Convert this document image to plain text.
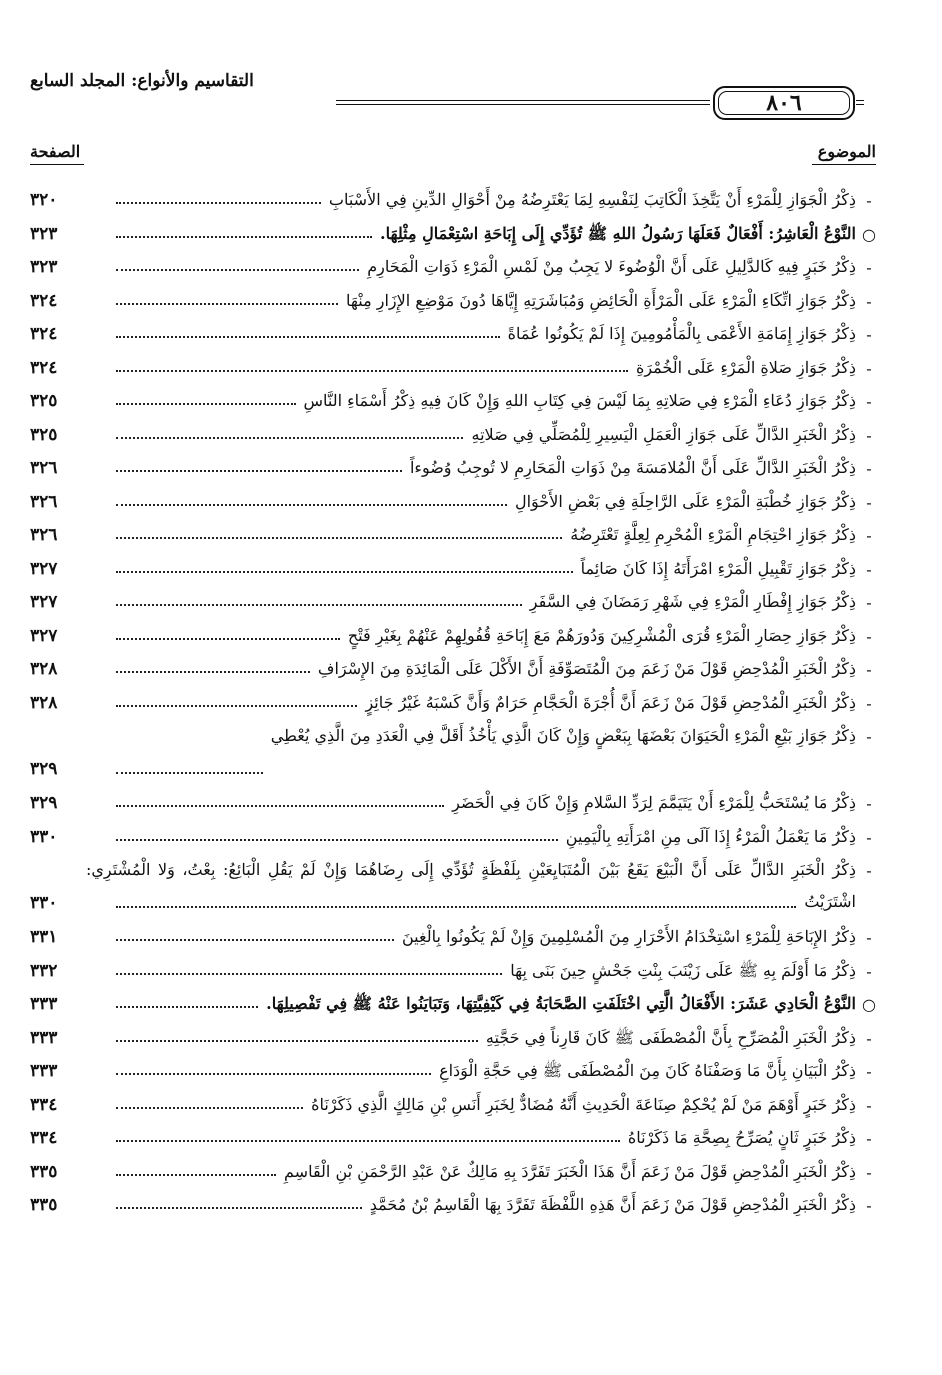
التقاسيم والأنواع: المجلد السابع
٨٠٦
الموضوع
الصفحة
-
ذِكْرُ الْجَوَازِ لِلْمَرْءِ أَنْ يَتَّخِذَ الْكَاتِبَ لِنَفْسِهِ لِمَا يَعْتَرِضُهُ مِنْ أَحْوَالِ الدِّينِ فِي الأَسْبَابِ
٣٢٠
○
النَّوْعُ الْعَاشِرُ: أَفْعَالٌ فَعَلَهَا رَسُولُ اللهِ ﷺ تُؤَدِّي إِلَى إِبَاحَةِ اسْتِعْمَالِ مِثْلِهَا.
٣٢٣
-
ذِكْرُ خَبَرٍ فِيهِ كَالدَّلِيلِ عَلَى أَنَّ الْوُضُوءَ لا يَجِبُ مِنْ لَمْسِ الْمَرْءِ ذَوَاتِ الْمَحَارِمِ
٣٢٣
-
ذِكْرُ جَوَازِ اتِّكَاءِ الْمَرْءِ عَلَى الْمَرْأَةِ الْحَائِضِ وَمُبَاشَرَتِهِ إِيَّاهَا دُونَ مَوْضِعِ الإِزَارِ مِنْهَا
٣٢٤
-
ذِكْرُ جَوَازِ إِمَامَةِ الأَعْمَى بِالْمَأْمُومِينَ إِذَا لَمْ يَكُونُوا عُمَاةً
٣٢٤
-
ذِكْرُ جَوَازِ صَلاةِ الْمَرْءِ عَلَى الْخُمْرَةِ
٣٢٤
-
ذِكْرُ جَوَازِ دُعَاءِ الْمَرْءِ فِي صَلاتِهِ بِمَا لَيْسَ فِي كِتَابِ اللهِ وَإِنْ كَانَ فِيهِ ذِكْرُ أَسْمَاءِ النَّاسِ
٣٢٥
-
ذِكْرُ الْخَبَرِ الدَّالِّ عَلَى جَوَازِ الْعَمَلِ الْيَسِيرِ لِلْمُصَلِّي فِي صَلاتِهِ
٣٢٥
-
ذِكْرُ الْخَبَرِ الدَّالِّ عَلَى أَنَّ الْمُلامَسَةَ مِنْ ذَوَاتِ الْمَحَارِمِ لا تُوجِبُ وُضُوءاً
٣٢٦
-
ذِكْرُ جَوَازِ خُطْبَةِ الْمَرْءِ عَلَى الرَّاحِلَةِ فِي بَعْضِ الأَحْوَالِ
٣٢٦
-
ذِكْرُ جَوَازِ احْتِجَامِ الْمَرْءِ الْمُحْرِمِ لِعِلَّةٍ تَعْتَرِضُهُ
٣٢٦
-
ذِكْرُ جَوَازِ تَقْبِيلِ الْمَرْءِ امْرَأَتَهُ إِذَا كَانَ صَائِماً
٣٢٧
-
ذِكْرُ جَوَازِ إِفْطَارِ الْمَرْءِ فِي شَهْرِ رَمَضَانَ فِي السَّفَرِ
٣٢٧
-
ذِكْرُ جَوَازِ حِصَارِ الْمَرْءِ قُرَى الْمُشْرِكِينَ وَدُورَهُمْ مَعَ إِبَاحَةِ قُفُولِهِمْ عَنْهُمْ بِغَيْرِ فَتْحٍ
٣٢٧
-
ذِكْرُ الْخَبَرِ الْمُدْحِضِ قَوْلَ مَنْ زَعَمَ مِنَ الْمُتَصَوِّفَةِ أَنَّ الأَكْلَ عَلَى الْمَائِدَةِ مِنَ الإِسْرَافِ
٣٢٨
-
ذِكْرُ الْخَبَرِ الْمُدْحِضِ قَوْلَ مَنْ زَعَمَ أَنَّ أُجْرَةَ الْحَجَّامِ حَرَامٌ وَأَنَّ كَسْبَهُ غَيْرُ جَائِزٍ
٣٢٨
-
ذِكْرُ جَوَازِ بَيْعِ الْمَرْءِ الْحَيَوَانَ بَعْضَهَا بِبَعْضٍ وَإِنْ كَانَ الَّذِي يَأْخُذُ أَقَلَّ فِي الْعَدَدِ مِنَ الَّذِي يُعْطِي
٣٢٩
-
ذِكْرُ مَا يُسْتَحَبُّ لِلْمَرْءِ أَنْ يَتَيَمَّمَ لِرَدِّ السَّلامِ وَإِنْ كَانَ فِي الْحَضَرِ
٣٢٩
-
ذِكْرُ مَا يَعْمَلُ الْمَرْءُ إِذَا آلَى مِنِ امْرَأَتِهِ بِالْيَمِينِ
٣٣٠
-
ذِكْرُ الْخَبَرِ الدَّالِّ عَلَى أَنَّ الْبَيْعَ يَقَعُ بَيْنَ الْمُتَبَايِعَيْنِ بِلَفْظَةٍ تُؤَدِّي إِلَى رِضَاهُمَا وَإِنْ لَمْ يَقُلِ الْبَائِعُ: بِعْتُ، وَلا الْمُشْتَرِي: اشْتَرَيْتُ
٣٣٠
-
ذِكْرُ الإِبَاحَةِ لِلْمَرْءِ اسْتِخْدَامُ الأَحْرَارِ مِنَ الْمُسْلِمِينَ وَإِنْ لَمْ يَكُونُوا بِالْغِينَ
٣٣١
-
ذِكْرُ مَا أَوْلَمَ بِهِ ﷺ عَلَى زَيْنَبَ بِنْتِ جَحْشٍ حِينَ بَنَى بِهَا
٣٣٢
○
النَّوْعُ الْحَادِي عَشَرَ: الأَفْعَالُ الَّتِي اخْتَلَفَتِ الصَّحَابَةُ فِي كَيْفِيَّتِهَا، وَتَبَايَنُوا عَنْهُ ﷺ فِي تَفْصِيلِهَا.
٣٣٣
-
ذِكْرُ الْخَبَرِ الْمُصَرِّحِ بِأَنَّ الْمُصْطَفَى ﷺ كَانَ قَارِناً فِي حَجَّتِهِ
٣٣٣
-
ذِكْرُ الْبَيَانِ بِأَنَّ مَا وَصَفْنَاهُ كَانَ مِنَ الْمُصْطَفَى ﷺ فِي حَجَّةِ الْوَدَاعِ
٣٣٣
-
ذِكْرُ خَبَرٍ أَوْهَمَ مَنْ لَمْ يُحْكِمْ صِنَاعَةَ الْحَدِيثِ أَنَّهُ مُضَادٌّ لِخَبَرِ أَنَسِ بْنِ مَالِكٍ الَّذِي ذَكَرْنَاهُ
٣٣٤
-
ذِكْرُ خَبَرٍ ثَانٍ يُصَرِّحُ بِصِحَّةِ مَا ذَكَرْنَاهُ
٣٣٤
-
ذِكْرُ الْخَبَرِ الْمُدْحِضِ قَوْلَ مَنْ زَعَمَ أَنَّ هَذَا الْخَبَرَ تَفَرَّدَ بِهِ مَالِكٌ عَنْ عَبْدِ الرَّحْمَنِ بْنِ الْقَاسِمِ
٣٣٥
-
ذِكْرُ الْخَبَرِ الْمُدْحِضِ قَوْلَ مَنْ زَعَمَ أَنَّ هَذِهِ اللَّفْظَةَ تَفَرَّدَ بِهَا الْقَاسِمُ بْنُ مُحَمَّدٍ
٣٣٥
